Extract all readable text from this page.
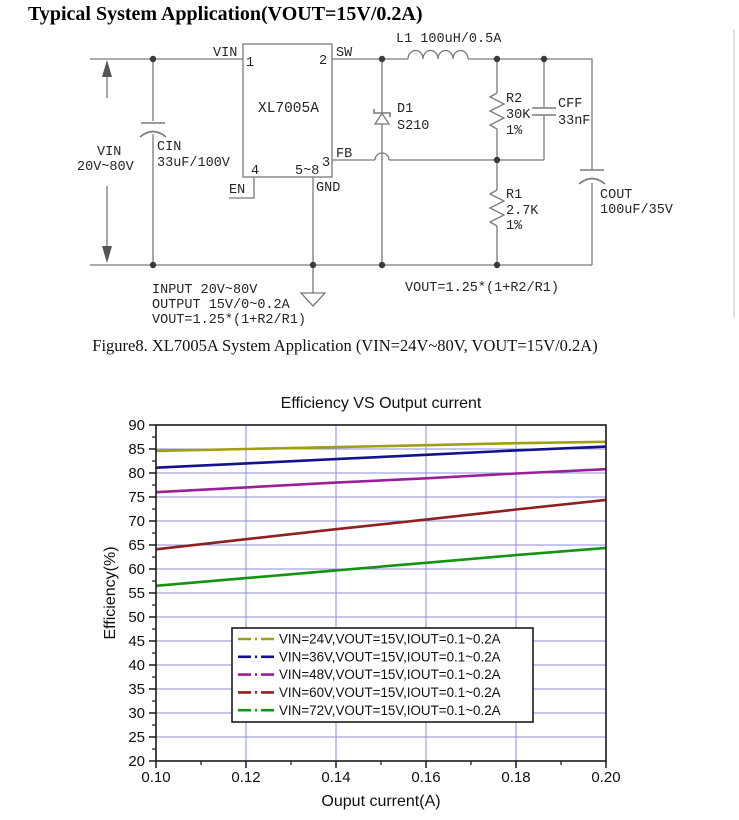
Typical System Application(VOUT=15V/0.2A)
XL7005A
1	2
3
4	5~8
VIN	SW
FB
EN	GND
L1 100uH/0.5A
D1
S210
CIN
33uF/100V
VIN
20V~80V
R2
30K
1%
CFF
33nF
R1
2.7K
1%
COUT
100uF/35V
INPUT 20V~80V
OUTPUT 15V/0~0.2A
VOUT=1.25*(1+R2/R1)
VOUT=1.25*(1+R2/R1)
Figure8. XL7005A System Application (VIN=24V~80V, VOUT=15V/0.2A)
VIN=24V,VOUT=15V,IOUT=0.1~0.2A
VIN=36V,VOUT=15V,IOUT=0.1~0.2A
VIN=48V,VOUT=15V,IOUT=0.1~0.2A
VIN=60V,VOUT=15V,IOUT=0.1~0.2A
VIN=72V,VOUT=15V,IOUT=0.1~0.2A
20
25
30
35
40
45
50
55
60
65
70
75
80
85
90
0.10	0.12	0.14	0.16	0.18	0.20
Efficiency VS Output current
Ouput current(A)
Efficiency(%)
